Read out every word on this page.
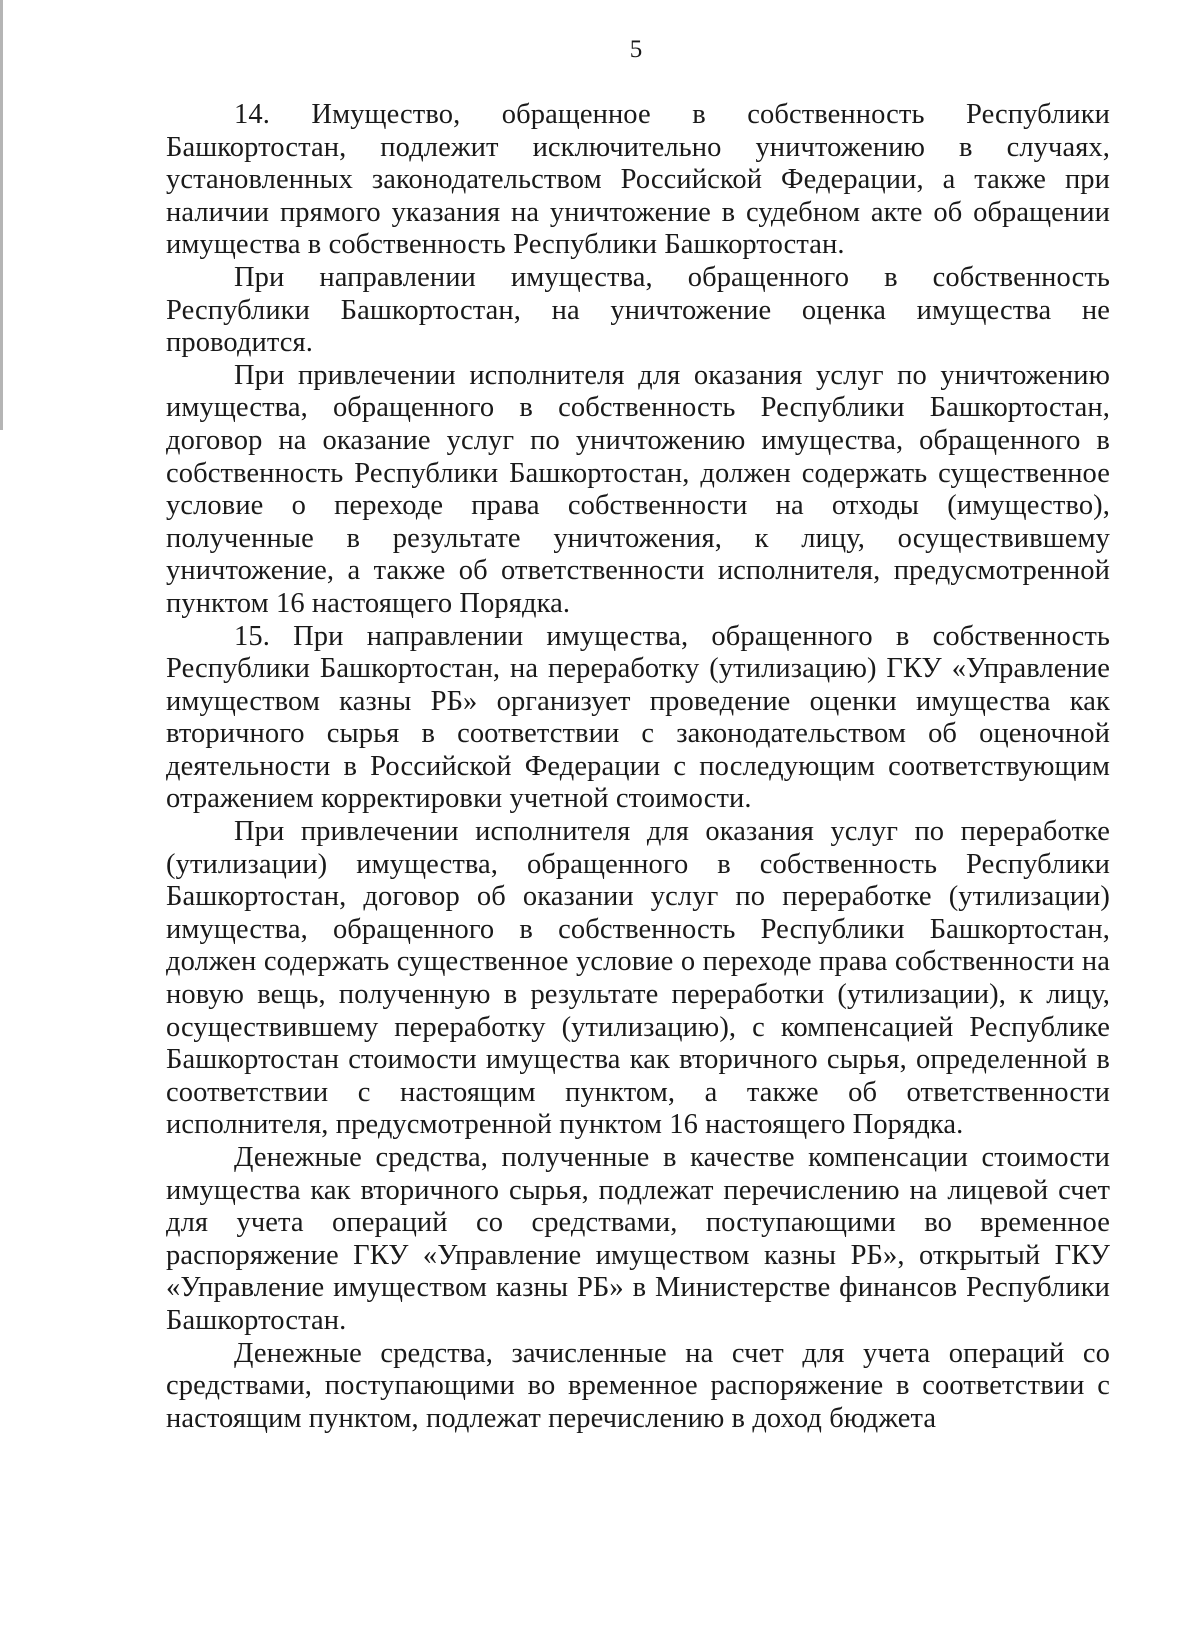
5

14. Имущество, обращенное в собственность Республики Башкортостан, подлежит исключительно уничтожению в случаях, установленных законодательством Российской Федерации, а также при наличии прямого указания на уничтожение в судебном акте об обращении имущества в собственность Республики Башкортостан.

При направлении имущества, обращенного в собственность Республики Башкортостан, на уничтожение оценка имущества не проводится.

При привлечении исполнителя для оказания услуг по уничтожению имущества, обращенного в собственность Республики Башкортостан, договор на оказание услуг по уничтожению имущества, обращенного в собственность Республики Башкортостан, должен содержать существенное условие о переходе права собственности на отходы (имущество), полученные в результате уничтожения, к лицу, осуществившему уничтожение, а также об ответственности исполнителя, предусмотренной пунктом 16 настоящего Порядка.

15. При направлении имущества, обращенного в собственность Республики Башкортостан, на переработку (утилизацию) ГКУ «Управление имуществом казны РБ» организует проведение оценки имущества как вторичного сырья в соответствии с законодательством об оценочной деятельности в Российской Федерации с последующим соответствующим отражением корректировки учетной стоимости.

При привлечении исполнителя для оказания услуг по переработке (утилизации) имущества, обращенного в собственность Республики Башкортостан, договор об оказании услуг по переработке (утилизации) имущества, обращенного в собственность Республики Башкортостан, должен содержать существенное условие о переходе права собственности на новую вещь, полученную в результате переработки (утилизации), к лицу, осуществившему переработку (утилизацию), с компенсацией Республике Башкортостан стоимости имущества как вторичного сырья, определенной в соответствии с настоящим пунктом, а также об ответственности исполнителя, предусмотренной пунктом 16 настоящего Порядка.

Денежные средства, полученные в качестве компенсации стоимости имущества как вторичного сырья, подлежат перечислению на лицевой счет для учета операций со средствами, поступающими во временное распоряжение ГКУ «Управление имуществом казны РБ», открытый ГКУ «Управление имуществом казны РБ» в Министерстве финансов Республики Башкортостан.

Денежные средства, зачисленные на счет для учета операций со средствами, поступающими во временное распоряжение в соответствии с настоящим пунктом, подлежат перечислению в доход бюджета
